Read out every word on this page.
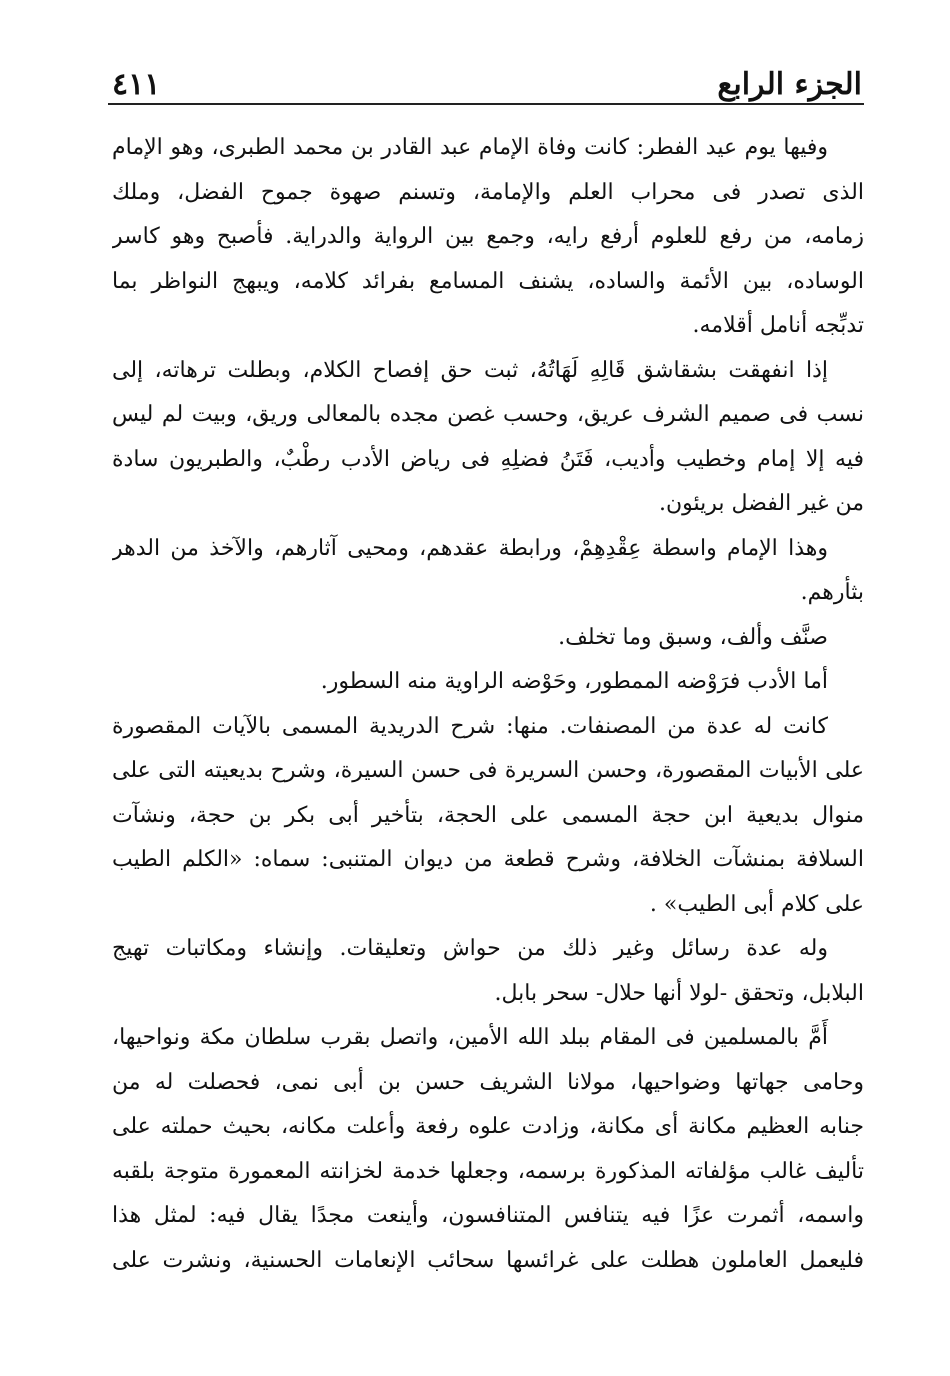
الجزء الرابع
٤١١
وفيها يوم عيد الفطر: كانت وفاة الإمام عبد القادر بن محمد الطبرى، وهو الإمام
الذى تصدر فى محراب العلم والإمامة، وتسنم صهوة جموح الفضل، وملك
زمامه، من رفع للعلوم أرفع رايه، وجمع بين الرواية والدراية. فأصبح وهو كاسر
الوساده، بين الأئمة والساده، يشنف المسامع بفرائد كلامه، ويبهج النواظر بما
تدبِّجه أنامل أقلامه.
إذا انفهقت بشقاشق قَالِهِ لَهَاتُهُ، ثبت حق إفصاح الكلام، وبطلت ترهاته، إلى
نسب فى صميم الشرف عريق، وحسب غصن مجده بالمعالى وريق، وبيت لم ليس
فيه إلا إمام وخطيب وأديب، فَتَنُ فضلِهِ فى رياض الأدب رطْبٌ، والطبريون سادة
من غير الفضل بريئون.
وهذا الإمام واسطة عِقْدِهِمْ، ورابطة عقدهم، ومحيى آثارهم، والآخذ من الدهر
بثأرهم.
صنَّف وألف، وسبق وما تخلف.
أما الأدب فرَوْضه الممطور، وحَوْضه الراوية منه السطور.
كانت له عدة من المصنفات. منها: شرح الدريدية المسمى بالآيات المقصورة
على الأبيات المقصورة، وحسن السريرة فى حسن السيرة، وشرح بديعيته التى على
منوال بديعية ابن حجة المسمى على الحجة، بتأخير أبى بكر بن حجة، ونشآت
السلافة بمنشآت الخلافة، وشرح قطعة من ديوان المتنبى: سماه: «الكلم الطيب
على كلام أبى الطيب» .
وله عدة رسائل وغير ذلك من حواش وتعليقات. وإنشاء ومكاتبات تهيج
البلابل، وتحقق -لولا أنها حلال- سحر بابل.
أَمَّ بالمسلمين فى المقام ببلد الله الأمين، واتصل بقرب سلطان مكة ونواحيها،
وحامى جهاتها وضواحيها، مولانا الشريف حسن بن أبى نمى، فحصلت له من
جنابه العظيم مكانة أى مكانة، وزادت علوه رفعة وأعلت مكانه، بحيث حملته على
تأليف غالب مؤلفاته المذكورة برسمه، وجعلها خدمة لخزانته المعمورة متوجة بلقبه
واسمه، أثمرت عزًا فيه يتنافس المتنافسون، وأينعت مجدًا يقال فيه: لمثل هذا
فليعمل العاملون هطلت على غرائسها سحائب الإنعامات الحسنية، ونشرت على
